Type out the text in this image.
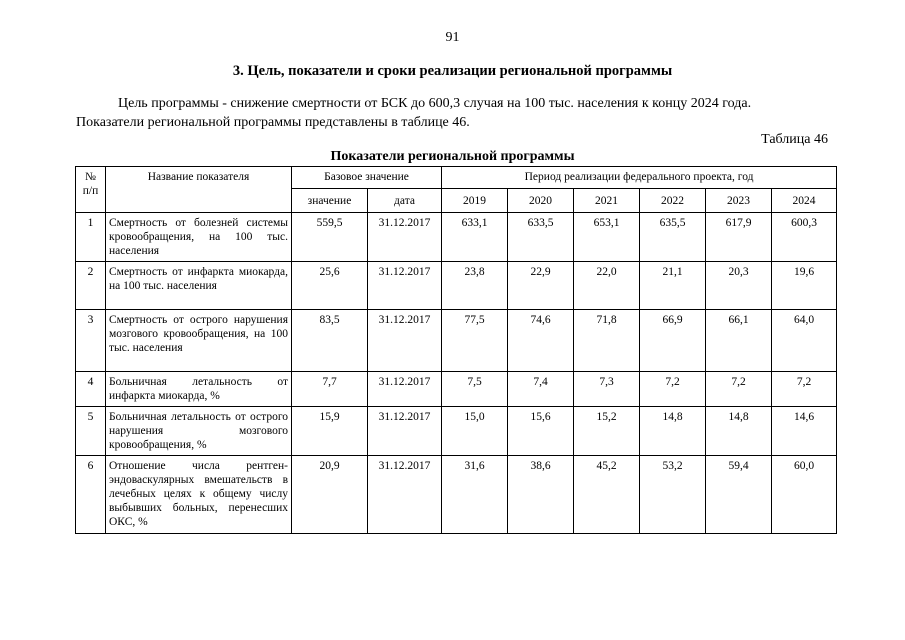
91
3. Цель, показатели и сроки реализации региональной программы
Цель программы - снижение смертности от БСК до 600,3 случая на 100 тыс. населения к концу 2024 года.
Показатели региональной программы представлены в таблице 46.
Таблица 46
Показатели региональной программы
№ п/п	Название показателя	Базовое значение		Период реализации федерального проекта, год					
		значение	дата	2019	2020	2021	2022	2023	2024
1	Смертность от болезней системы кровообращения, на 100 тыс. населения	559,5	31.12.2017	633,1	633,5	653,1	635,5	617,9	600,3
2	Смертность от инфаркта миокарда, на 100 тыс. населения	25,6	31.12.2017	23,8	22,9	22,0	21,1	20,3	19,6
3	Смертность от острого нарушения мозгового кровообращения, на 100 тыс. населения	83,5	31.12.2017	77,5	74,6	71,8	66,9	66,1	64,0
4	Больничная летальность от инфаркта миокарда, %	7,7	31.12.2017	7,5	7,4	7,3	7,2	7,2	7,2
5	Больничная летальность от острого нарушения мозгового кровообращения, %	15,9	31.12.2017	15,0	15,6	15,2	14,8	14,8	14,6
6	Отношение числа рентген-эндоваскулярных вмешательств в лечебных целях к общему числу выбывших больных, перенесших ОКС, %	20,9	31.12.2017	31,6	38,6	45,2	53,2	59,4	60,0
